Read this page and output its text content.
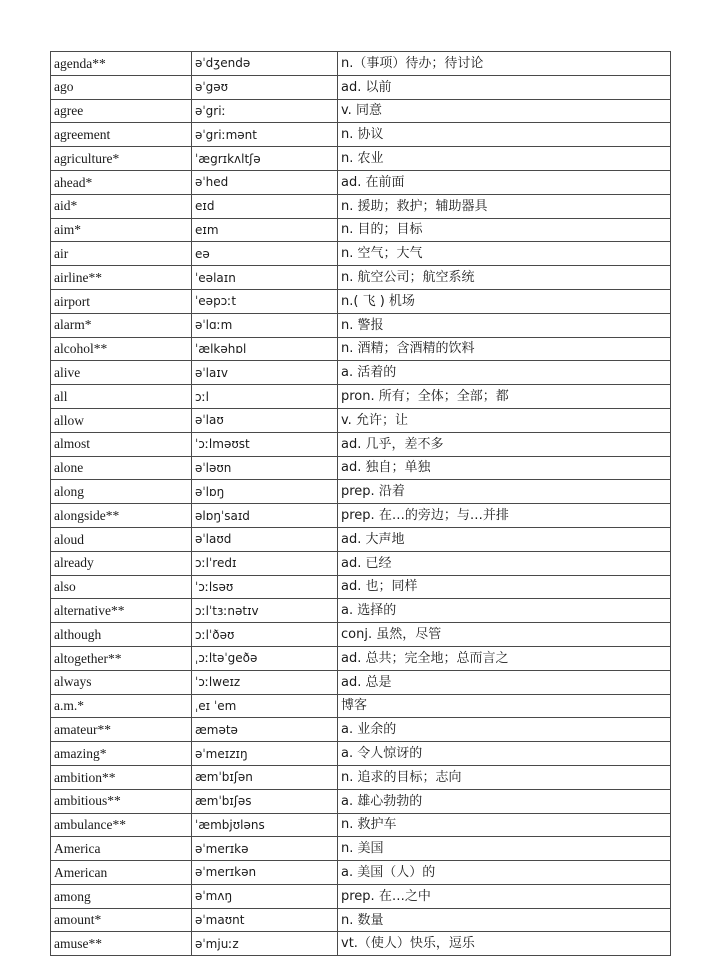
agenda**	əˈdʒendə	n.（事项）待办；待讨论
ago	əˈgəʊ	ad. 以前
agree	əˈgriː	v. 同意
agreement	əˈgriːmənt	n. 协议
agriculture*	ˈægrɪkʌltʃə	n. 农业
ahead*	əˈhed	ad. 在前面
aid*	eɪd	n. 援助；救护；辅助器具
aim*	eɪm	n. 目的；目标
air	eə	n. 空气；大气
airline**	ˈeəlaɪn	n. 航空公司；航空系统
airport	ˈeəpɔːt	n.( 飞 ) 机场
alarm*	əˈlɑːm	n. 警报
alcohol**	ˈælkəhɒl	n. 酒精；含酒精的饮料
alive	əˈlaɪv	a. 活着的
all	ɔːl	pron. 所有；全体；全部；都
allow	əˈlaʊ	v. 允许；让
almost	ˈɔːlməʊst	ad. 几乎，差不多
alone	əˈləʊn	ad. 独自；单独
along	əˈlɒŋ	prep. 沿着
alongside**	əlɒŋˈsaɪd	prep. 在…的旁边；与…并排
aloud	əˈlaʊd	ad. 大声地
already	ɔːlˈredɪ	ad. 已经
also	ˈɔːlsəʊ	ad. 也；同样
alternative**	ɔːlˈtɜːnətɪv	a. 选择的
although	ɔːlˈðəʊ	conj. 虽然，尽管
altogether**	ˌɔːltəˈgeðə	ad. 总共；完全地；总而言之
always	ˈɔːlweɪz	ad. 总是
a.m.*	ˌeɪ ˈem	博客
amateur**	æmətə	a. 业余的
amazing*	əˈmeɪzɪŋ	a. 令人惊讶的
ambition**	æmˈbɪʃən	n. 追求的目标；志向
ambitious**	æmˈbɪʃəs	a. 雄心勃勃的
ambulance**	ˈæmbjʊləns	n. 救护车
America	əˈmerɪkə	n. 美国
American	əˈmerɪkən	a. 美国（人）的
among	əˈmʌŋ	prep. 在…之中
amount*	əˈmaʊnt	n. 数量
amuse**	əˈmjuːz	vt.（使人）快乐，逗乐
